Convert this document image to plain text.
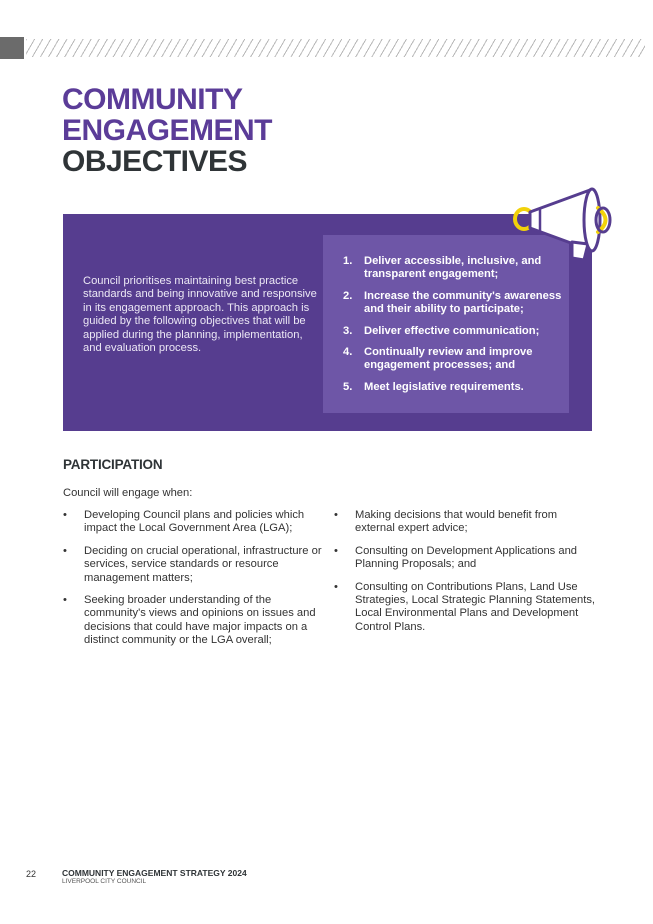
COMMUNITY
ENGAGEMENT
OBJECTIVES
Council prioritises maintaining best practice standards and being innovative and responsive in its engagement approach. This approach is guided by the following objectives that will be applied during the planning, implementation, and evaluation process.
1.	Deliver accessible, inclusive, and transparent engagement;
2.	Increase the community's awareness and their ability to participate;
3.	Deliver effective communication;
4.	Continually review and improve engagement processes; and
5.	Meet legislative requirements.
PARTICIPATION
Council will engage when:
• Developing Council plans and policies which impact the Local Government Area (LGA);
• Deciding on crucial operational, infrastructure or services, service standards or resource management matters;
• Seeking broader understanding of the community's views and opinions on issues and decisions that could have major impacts on a distinct community or the LGA overall;
• Making decisions that would benefit from external expert advice;
• Consulting on Development Applications and Planning Proposals; and
• Consulting on Contributions Plans, Land Use Strategies, Local Strategic Planning Statements, Local Environmental Plans and Development Control Plans.
22	COMMUNITY ENGAGEMENT STRATEGY 2024
LIVERPOOL CITY COUNCIL
